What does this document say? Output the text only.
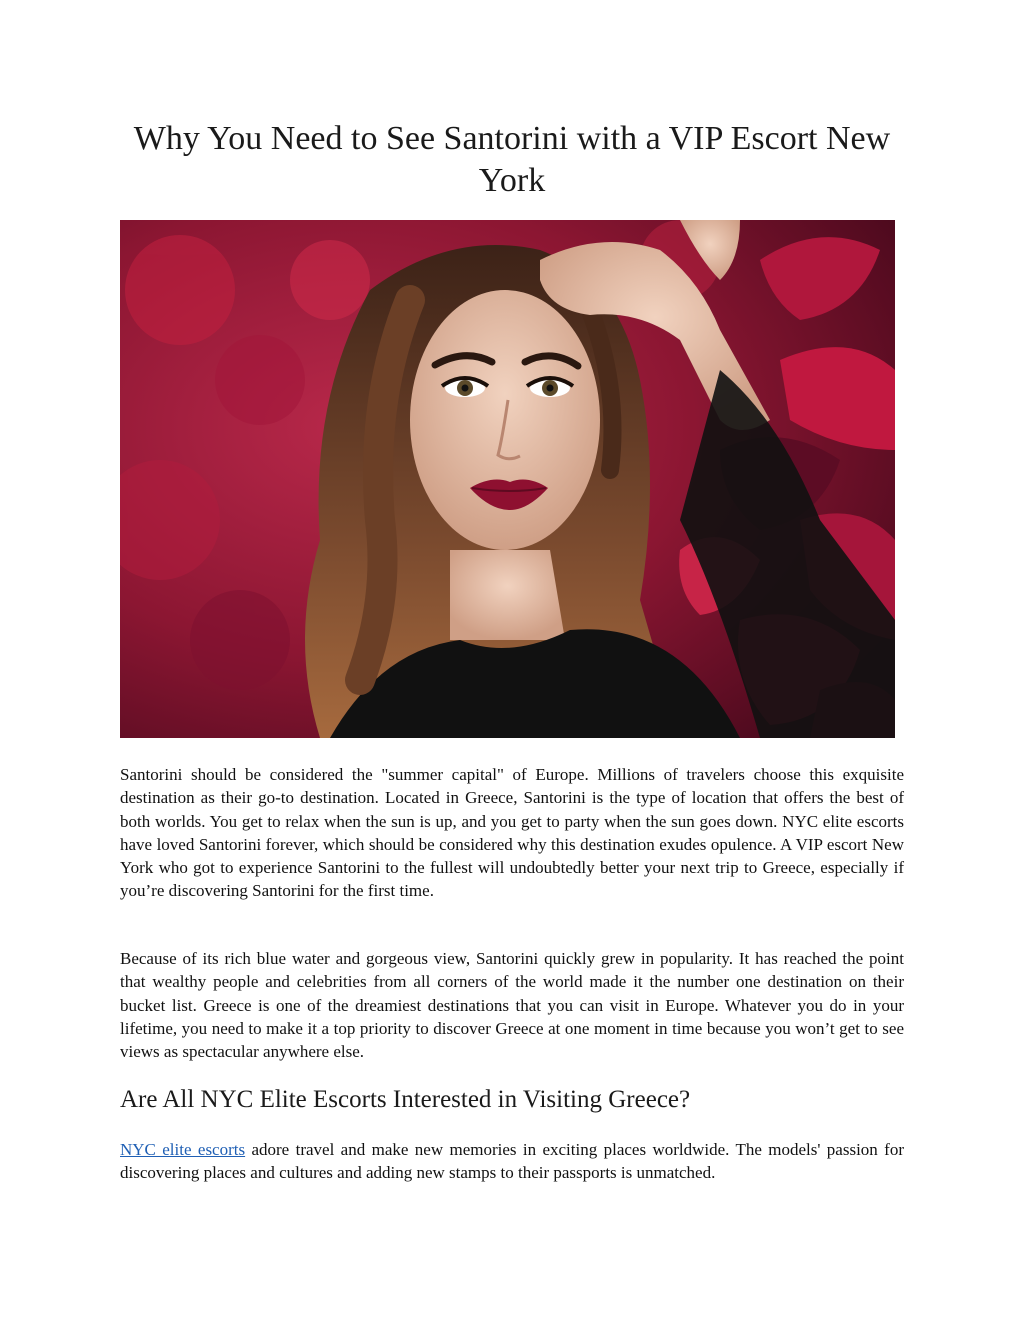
Why You Need to See Santorini with a VIP Escort New York

Santorini should be considered the "summer capital" of Europe. Millions of travelers choose this exquisite destination as their go-to destination. Located in Greece, Santorini is the type of location that offers the best of both worlds. You get to relax when the sun is up, and you get to party when the sun goes down. NYC elite escorts have loved Santorini forever, which should be considered why this destination exudes opulence. A VIP escort New York who got to experience Santorini to the fullest will undoubtedly better your next trip to Greece, especially if you’re discovering Santorini for the first time.

Because of its rich blue water and gorgeous view, Santorini quickly grew in popularity. It has reached the point that wealthy people and celebrities from all corners of the world made it the number one destination on their bucket list. Greece is one of the dreamiest destinations that you can visit in Europe. Whatever you do in your lifetime, you need to make it a top priority to discover Greece at one moment in time because you won’t get to see views as spectacular anywhere else.

Are All NYC Elite Escorts Interested in Visiting Greece?

NYC elite escorts adore travel and make new memories in exciting places worldwide. The models' passion for discovering places and cultures and adding new stamps to their passports is unmatched.
